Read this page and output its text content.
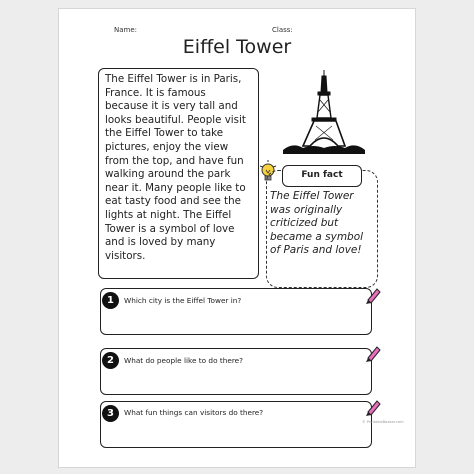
Name:	Class:
Eiffel Tower
The Eiffel Tower is in Paris, France. It is famous because it is very tall and looks beautiful. People visit the Eiffel Tower to take pictures, enjoy the view from the top, and have fun walking around the park near it. Many people like to eat tasty food and see the lights at night. The Eiffel Tower is a symbol of love and is loved by many visitors.
Fun fact
The Eiffel Tower was originally criticized but became a symbol of Paris and love!
1	Which city is the Eiffel Tower in?
2	What do people like to do there?
3	What fun things can visitors do there?
© PrintableBazaar.com
